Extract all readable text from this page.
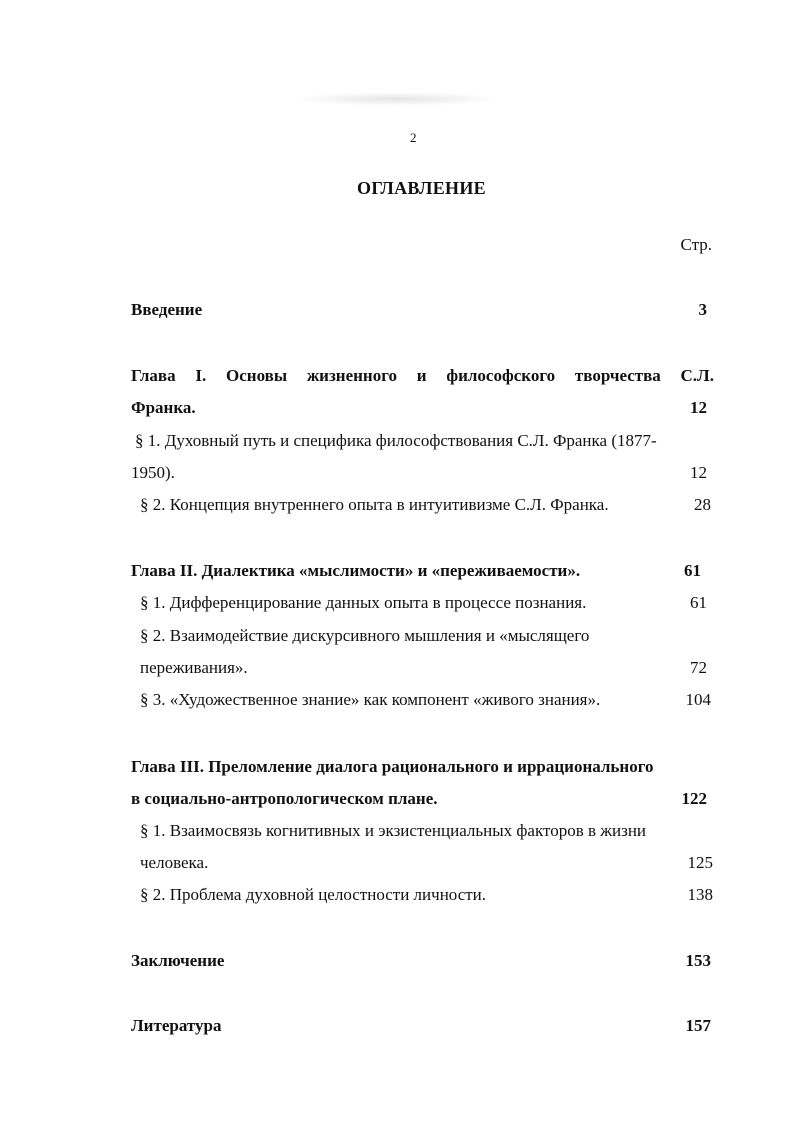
2
ОГЛАВЛЕНИЕ
Стр.
Введение	3
Глава I. Основы жизненного и философского творчества С.Л.
Франка.	12
§ 1. Духовный путь и специфика философствования С.Л. Франка (1877-
1950).	12
§ 2. Концепция внутреннего опыта в интуитивизме С.Л. Франка.	28
Глава II. Диалектика «мыслимости» и «переживаемости».	61
§ 1. Дифференцирование данных опыта в процессе познания.	61
§ 2. Взаимодействие дискурсивного мышления и «мыслящего
переживания».	72
§ 3. «Художественное знание» как компонент «живого знания».	104
Глава III. Преломление диалога рационального и иррационального
в социально-антропологическом плане.	122
§ 1. Взаимосвязь когнитивных и экзистенциальных факторов в жизни
человека.	125
§ 2. Проблема духовной целостности личности.	138
Заключение	153
Литература	157
